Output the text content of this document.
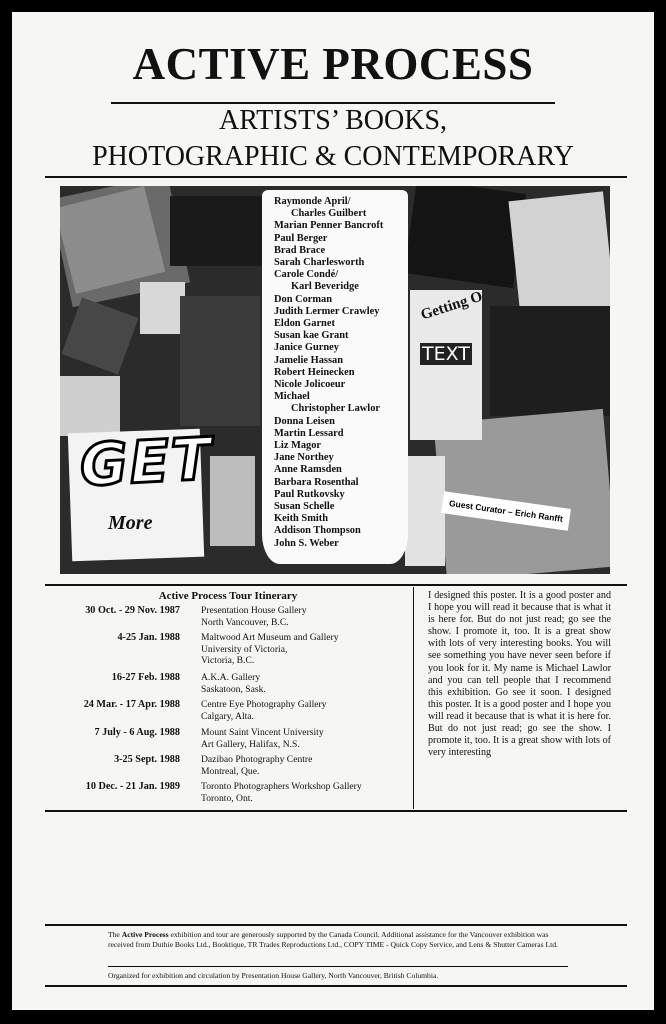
ACTIVE PROCESS
ARTISTS’ BOOKS,
PHOTOGRAPHIC & CONTEMPORARY
GET
More
Getting O
TEXT
Guest Curator – Erich Ranfft
Raymonde April/
Charles Guilbert
Marian Penner Bancroft
Paul Berger
Brad Brace
Sarah Charlesworth
Carole Condé/
Karl Beveridge
Don Corman
Judith Lermer Crawley
Eldon Garnet
Susan kae Grant
Janice Gurney
Jamelie Hassan
Robert Heinecken
Nicole Jolicoeur
Michael
Christopher Lawlor
Donna Leisen
Martin Lessard
Liz Magor
Jane Northey
Anne Ramsden
Barbara Rosenthal
Paul Rutkovsky
Susan Schelle
Keith Smith
Addison Thompson
John S. Weber
Active Process Tour Itinerary
30 Oct. - 29 Nov. 1987 Presentation House Gallery
North Vancouver, B.C.
4-25 Jan. 1988 Maltwood Art Museum and Gallery
University of Victoria,
Victoria, B.C.
16-27 Feb. 1988 A.K.A. Gallery
Saskatoon, Sask.
24 Mar. - 17 Apr. 1988 Centre Eye Photography Gallery
Calgary, Alta.
7 July - 6 Aug. 1988 Mount Saint Vincent University
Art Gallery, Halifax, N.S.
3-25 Sept. 1988 Dazibao Photography Centre
Montreal, Que.
10 Dec. - 21 Jan. 1989 Toronto Photographers Workshop Gallery
Toronto, Ont.
I designed this poster. It is a good poster and I hope you will read it because that is what it is here for. But do not just read; go see the show. I promote it, too. It is a great show with lots of very interesting books. You will see something you have never seen before if you look for it. My name is Michael Lawlor and you can tell people that I recommend this exhibition. Go see it soon. I designed this poster. It is a good poster and I hope you will read it because that is what it is here for. But do not just read; go see the show. I promote it, too. It is a great show with lots of very interesting
The Active Process exhibition and tour are generously supported by the Canada Council. Additional assistance for the Vancouver exhibition was received from Duthie Books Ltd., Booktique, TR Trades Reproductions Ltd., COPY TIME - Quick Copy Service, and Lens & Shutter Cameras Ltd.
Organized for exhibition and circulation by Presentation House Gallery, North Vancouver, British Columbia.
